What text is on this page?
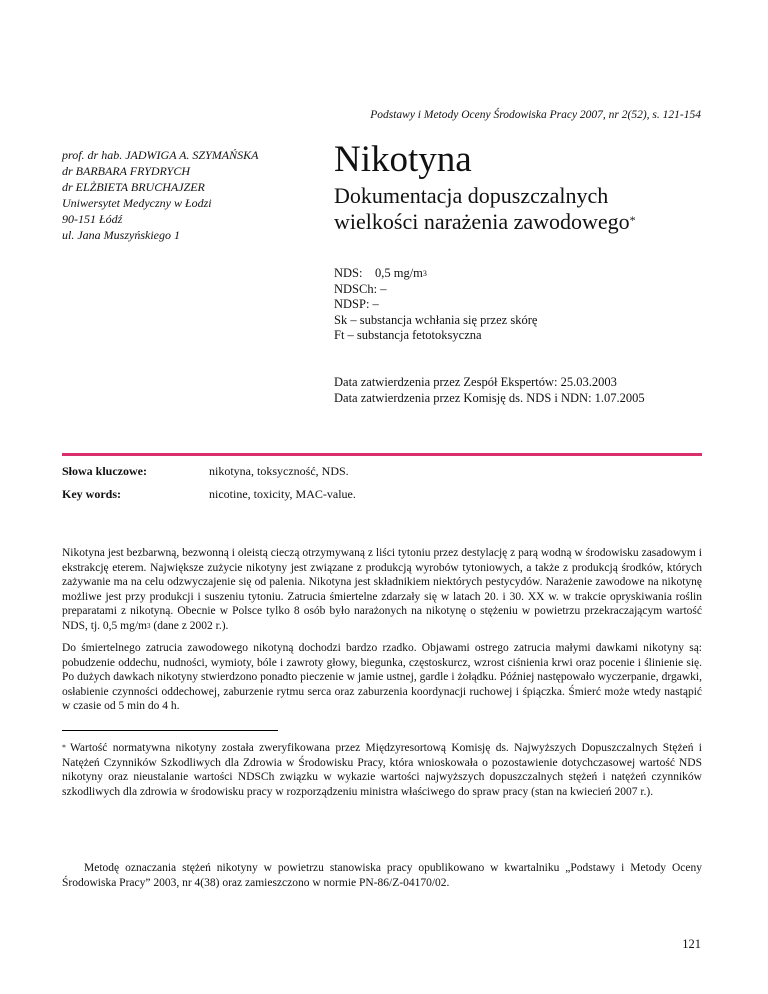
Podstawy i Metody Oceny Środowiska Pracy 2007, nr 2(52), s. 121-154
prof. dr hab. JADWIGA A. SZYMAŃSKA
dr BARBARA FRYDRYCH
dr ELŻBIETA BRUCHAJZER
Uniwersytet Medyczny w Łodzi
90-151 Łódź
ul. Jana Muszyńskiego 1
Nikotyna
Dokumentacja dopuszczalnych
wielkości narażenia zawodowego*
NDS: 0,5 $mg/m^3$
NDSCh: –
NDSP: –
Sk – substancja wchłania się przez skórę
Ft – substancja fetotoksyczna
Data zatwierdzenia przez Zespół Ekspertów: 25.03.2003
Data zatwierdzenia przez Komisję ds. NDS i NDN: 1.07.2005
Słowa kluczowe:	nikotyna, toksyczność, NDS.
Key words:	nicotine, toxicity, MAC-value.
Nikotyna jest bezbarwną, bezwonną i oleistą cieczą otrzymywaną z liści tytoniu przez destylację z parą wodną w środowisku zasadowym i ekstrakcję eterem. Największe zużycie nikotyny jest związane z produkcją wyrobów tytoniowych, a także z produkcją środków, których zażywanie ma na celu odzwyczajenie się od palenia. Nikotyna jest składnikiem niektórych pestycydów. Narażenie zawodowe na nikotynę możliwe jest przy produkcji i suszeniu tytoniu. Zatrucia śmiertelne zdarzały się w latach 20. i 30. XX w. w trakcie opryskiwania roślin preparatami z nikotyną. Obecnie w Polsce tylko 8 osób było narażonych na nikotynę o stężeniu w powietrzu przekraczającym wartość NDS, tj. 0,5 $mg/m^3$ (dane z 2002 r.).
Do śmiertelnego zatrucia zawodowego nikotyną dochodzi bardzo rzadko. Objawami ostrego zatrucia małymi dawkami nikotyny są: pobudzenie oddechu, nudności, wymioty, bóle i zawroty głowy, biegunka, częstoskurcz, wzrost ciśnienia krwi oraz pocenie i ślinienie się. Po dużych dawkach nikotyny stwierdzono ponadto pieczenie w jamie ustnej, gardle i żołądku. Później następowało wyczerpanie, drgawki, osłabienie czynności oddechowej, zaburzenie rytmu serca oraz zaburzenia koordynacji ruchowej i śpiączka. Śmierć może wtedy nastąpić w czasie od 5 min do 4 h.
* Wartość normatywna nikotyny została zweryfikowana przez Międzyresortową Komisję ds. Najwyższych Dopuszczalnych Stężeń i Natężeń Czynników Szkodliwych dla Zdrowia w Środowisku Pracy, która wnioskowała o pozostawienie dotychczasowej wartość NDS nikotyny oraz nieustalanie wartości NDSCh związku w wykazie wartości najwyższych dopuszczalnych stężeń i natężeń czynników szkodliwych dla zdrowia w środowisku pracy w rozporządzeniu ministra właściwego do spraw pracy (stan na kwiecień 2007 r.).
Metodę oznaczania stężeń nikotyny w powietrzu stanowiska pracy opublikowano w kwartalniku „Podstawy i Metody Oceny Środowiska Pracy” 2003, nr 4(38) oraz zamieszczono w normie PN-86/Z-04170/02.
121
